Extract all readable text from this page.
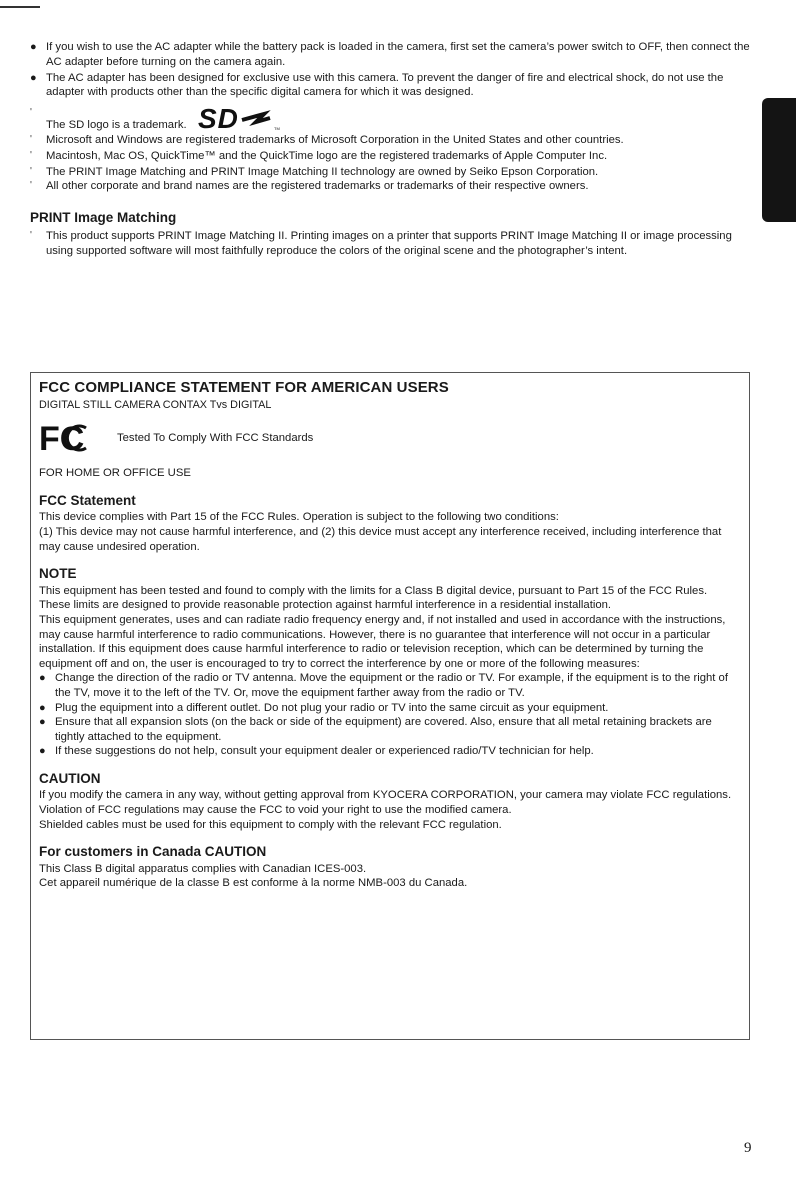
● If you wish to use the AC adapter while the battery pack is loaded in the camera, first set the camera’s power switch to OFF, then connect the AC adapter before turning on the camera again.

● The AC adapter has been designed for exclusive use with this camera. To prevent the danger of fire and electrical shock, do not use the adapter with products other than the specific digital camera for which it was designed.

'
The SD logo is a trademark. SD	TM

'	Microsoft and Windows are registered trademarks of Microsoft Corporation in the United States and other countries.

'	Macintosh, Mac OS, QuickTime™ and the QuickTime logo are the registered trademarks of Apple Computer Inc.

'	The PRINT Image Matching and PRINT Image Matching II technology are owned by Seiko Epson Corporation.

'	All other corporate and brand names are the registered trademarks or trademarks of their respective owners.

PRINT Image Matching

'	This product supports PRINT Image Matching II. Printing images on a printer that supports PRINT Image Matching II or image processing using supported software will most faithfully reproduce the colors of the original scene and the photographer’s intent.

FCC COMPLIANCE STATEMENT FOR AMERICAN USERS

DIGITAL STILL CAMERA CONTAX Tvs DIGITAL

FC	Tested To Comply With FCC Standards

FOR HOME OR OFFICE USE

FCC Statement

This device complies with Part 15 of the FCC Rules. Operation is subject to the following two conditions:

(1) This device may not cause harmful interference, and (2) this device must accept any interference received, including interference that may cause undesired operation.

NOTE

This equipment has been tested and found to comply with the limits for a Class B digital device, pursuant to Part 15 of the FCC Rules. These limits are designed to provide reasonable protection against harmful interference in a residential installation.

This equipment generates, uses and can radiate radio frequency energy and, if not installed and used in accordance with the instructions, may cause harmful interference to radio communications. However, there is no guarantee that interference will not occur in a particular installation. If this equipment does cause harmful interference to radio or television reception, which can be determined by turning the equipment off and on, the user is encouraged to try to correct the interference by one or more of the following measures:

● Change the direction of the radio or TV antenna. Move the equipment or the radio or TV. For example, if the equipment is to the right of the TV, move it to the left of the TV. Or, move the equipment farther away from the radio or TV.

● Plug the equipment into a different outlet. Do not plug your radio or TV into the same circuit as your equipment.

● Ensure that all expansion slots (on the back or side of the equipment) are covered. Also, ensure that all metal retaining brackets are tightly attached to the equipment.

● If these suggestions do not help, consult your equipment dealer or experienced radio/TV technician for help.

CAUTION

If you modify the camera in any way, without getting approval from KYOCERA CORPORATION, your camera may violate FCC regulations. Violation of FCC regulations may cause the FCC to void your right to use the modified camera.

Shielded cables must be used for this equipment to comply with the relevant FCC regulation.

For customers in Canada CAUTION

This Class B digital apparatus complies with Canadian ICES-003.

Cet appareil numérique de la classe B est conforme à la norme NMB-003 du Canada.

9
